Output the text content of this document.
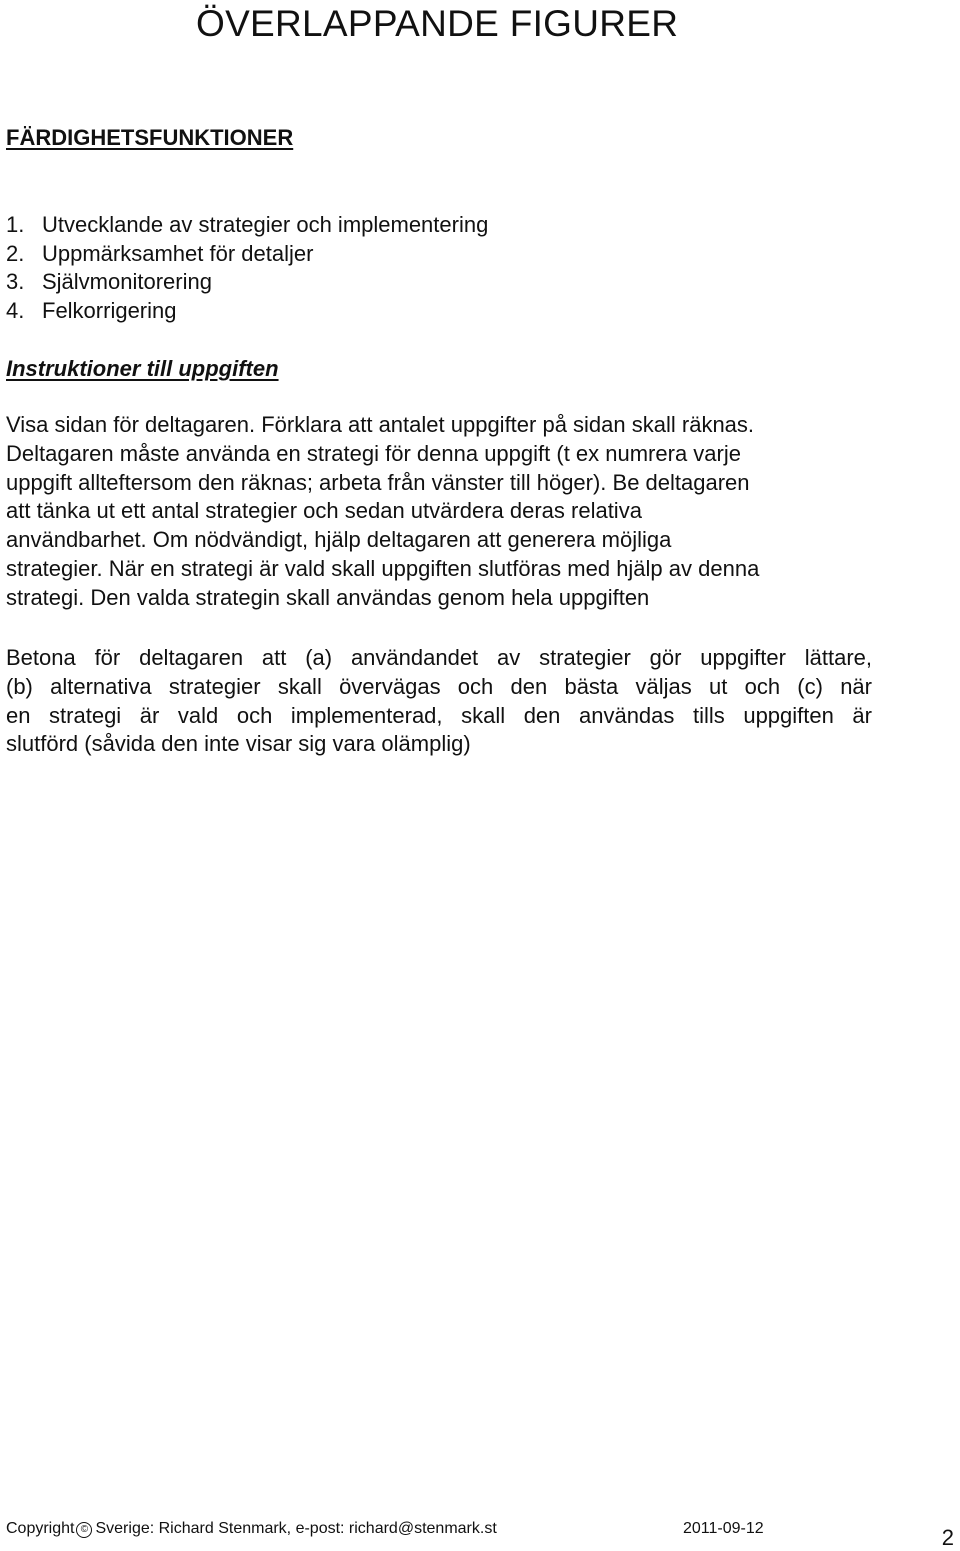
ÖVERLAPPANDE FIGURER
FÄRDIGHETSFUNKTIONER
1. Utvecklande av strategier och implementering
2. Uppmärksamhet för detaljer
3. Självmonitorering
4. Felkorrigering
Instruktioner till uppgiften

Visa sidan för deltagaren. Förklara att antalet uppgifter på sidan skall räknas.
Deltagaren måste använda en strategi för denna uppgift (t ex numrera varje
uppgift allteftersom den räknas; arbeta från vänster till höger). Be deltagaren
att tänka ut ett antal strategier och sedan utvärdera deras relativa
användbarhet. Om nödvändigt, hjälp deltagaren att generera möjliga
strategier. När en strategi är vald skall uppgiften slutföras med hjälp av denna
strategi. Den valda strategin skall användas genom hela uppgiften

Betona för deltagaren att (a) användandet av strategier gör uppgifter lättare,
(b) alternativa strategier skall övervägas och den bästa väljas ut och (c) när
en strategi är vald och implementerad, skall den användas tills uppgiften är
slutförd (såvida den inte visar sig vara olämplig)

Copyright © Sverige: Richard Stenmark, e-post: richard@stenmark.st	2011-09-12	2
